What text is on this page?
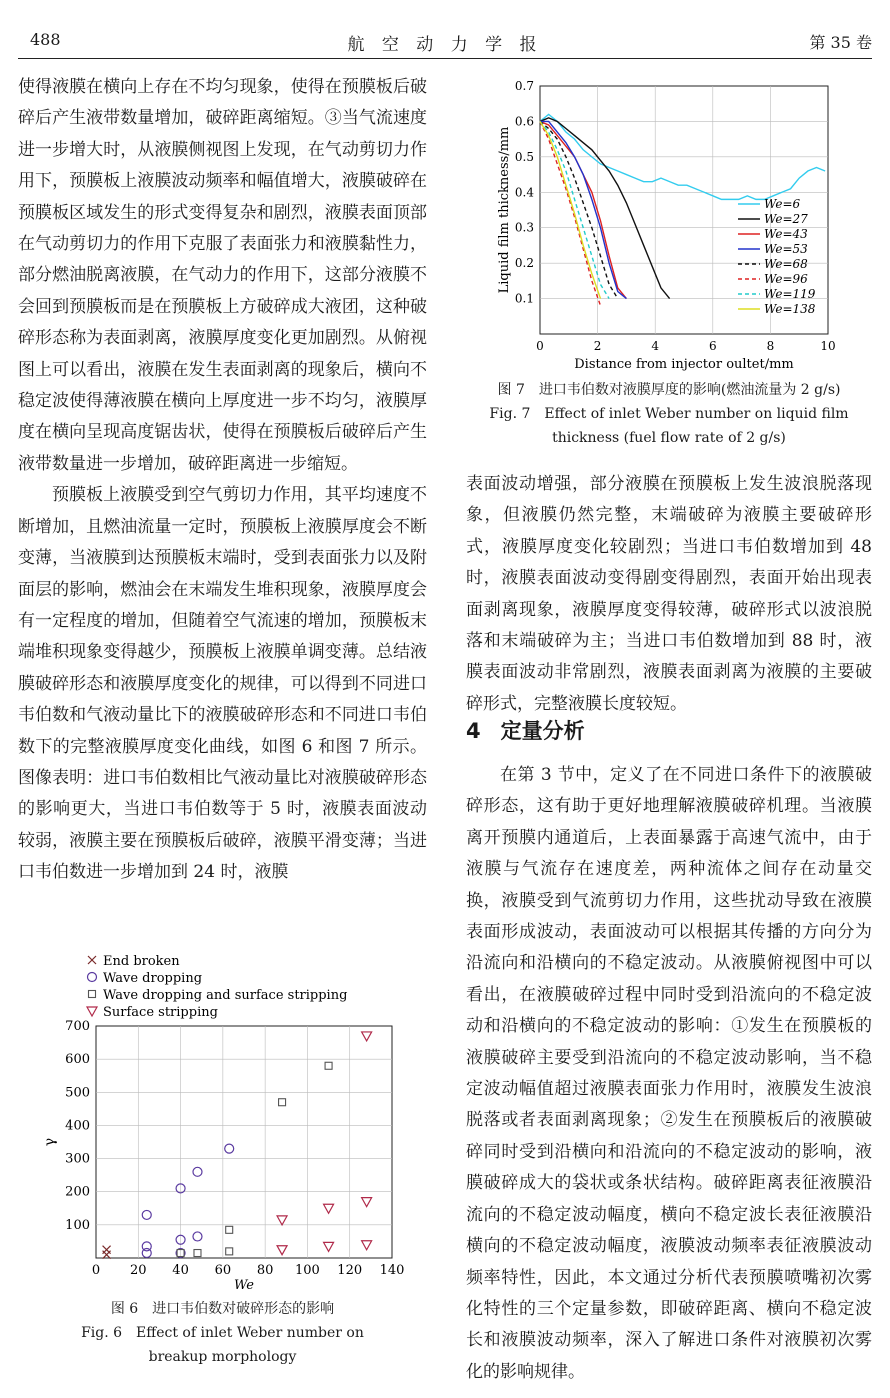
488	航 空 动 力 学 报	第 35 卷

使得液膜在横向上存在不均匀现象，使得在预膜板后破碎后产生液带数量增加，破碎距离缩短。③当气流速度进一步增大时，从液膜侧视图上发现，在气动剪切力作用下，预膜板上液膜波动频率和幅值增大，液膜破碎在预膜板区域发生的形式变得复杂和剧烈，液膜表面顶部在气动剪切力的作用下克服了表面张力和液膜黏性力，部分燃油脱离液膜，在气动力的作用下，这部分液膜不会回到预膜板而是在预膜板上方破碎成大液团，这种破碎形态称为表面剥离，液膜厚度变化更加剧烈。从俯视图上可以看出，液膜在发生表面剥离的现象后，横向不稳定波使得薄液膜在横向上厚度进一步不均匀，液膜厚度在横向呈现高度锯齿状，使得在预膜板后破碎后产生液带数量进一步增加，破碎距离进一步缩短。

预膜板上液膜受到空气剪切力作用，其平均速度不断增加，且燃油流量一定时，预膜板上液膜厚度会不断变薄，当液膜到达预膜板末端时，受到表面张力以及附面层的影响，燃油会在末端发生堆积现象，液膜厚度会有一定程度的增加，但随着空气流速的增加，预膜板末端堆积现象变得越少，预膜板上液膜单调变薄。总结液膜破碎形态和液膜厚度变化的规律，可以得到不同进口韦伯数和气液动量比下的液膜破碎形态和不同进口韦伯数下的完整液膜厚度变化曲线，如图 6 和图 7 所示。图像表明：进口韦伯数相比气液动量比对液膜破碎形态的影响更大，当进口韦伯数等于 5 时，液膜表面波动较弱，液膜主要在预膜板后破碎，液膜平滑变薄；当进口韦伯数进一步增加到 24 时，液膜

0	2	4	6	8	10
0.1
0.2
0.3
0.4
0.5
0.6
0.7
Distance from injector oultet/mm
Liquid film thickness/mm	We=6
We=27
We=43
We=53
We=68
We=96
We=119
We=138
图 7　进口韦伯数对液膜厚度的影响(燃油流量为 2 g/s)
Fig. 7　Effect of inlet Weber number on liquid film
thickness (fuel flow rate of 2 g/s)

表面波动增强，部分液膜在预膜板上发生波浪脱落现象，但液膜仍然完整，末端破碎为液膜主要破碎形式，液膜厚度变化较剧烈；当进口韦伯数增加到 48 时，液膜表面波动变得剧变得剧烈，表面开始出现表面剥离现象，液膜厚度变得较薄，破碎形式以波浪脱落和末端破碎为主；当进口韦伯数增加到 88 时，液膜表面波动非常剧烈，液膜表面剥离为液膜的主要破碎形式，完整液膜长度较短。

4 定量分析

在第 3 节中，定义了在不同进口条件下的液膜破碎形态，这有助于更好地理解液膜破碎机理。当液膜离开预膜内通道后，上表面暴露于高速气流中，由于液膜与气流存在速度差，两种流体之间存在动量交换，液膜受到气流剪切力作用，这些扰动导致在液膜表面形成波动，表面波动可以根据其传播的方向分为沿流向和沿横向的不稳定波动。从液膜俯视图中可以看出，在液膜破碎过程中同时受到沿流向的不稳定波动和沿横向的不稳定波动的影响：①发生在预膜板的液膜破碎主要受到沿流向的不稳定波动影响，当不稳定波动幅值超过液膜表面张力作用时，液膜发生波浪脱落或者表面剥离现象；②发生在预膜板后的液膜破碎同时受到沿横向和沿流向的不稳定波动的影响，液膜破碎成大的袋状或条状结构。破碎距离表征液膜沿流向的不稳定波动幅度，横向不稳定波长表征液膜沿横向的不稳定波动幅度，液膜波动频率表征液膜波动频率特性，因此，本文通过分析代表预膜喷嘴初次雾化特性的三个定量参数，即破碎距离、横向不稳定波长和液膜波动频率，深入了解进口条件对液膜初次雾化的影响规律。

0 20 40 60 80 100 120 140
100
200
300
400
500
600
700
We
γ
End broken
Wave dropping
Wave dropping and surface stripping
Surface stripping
图 6　进口韦伯数对破碎形态的影响
Fig. 6　Effect of inlet Weber number on
breakup morphology
